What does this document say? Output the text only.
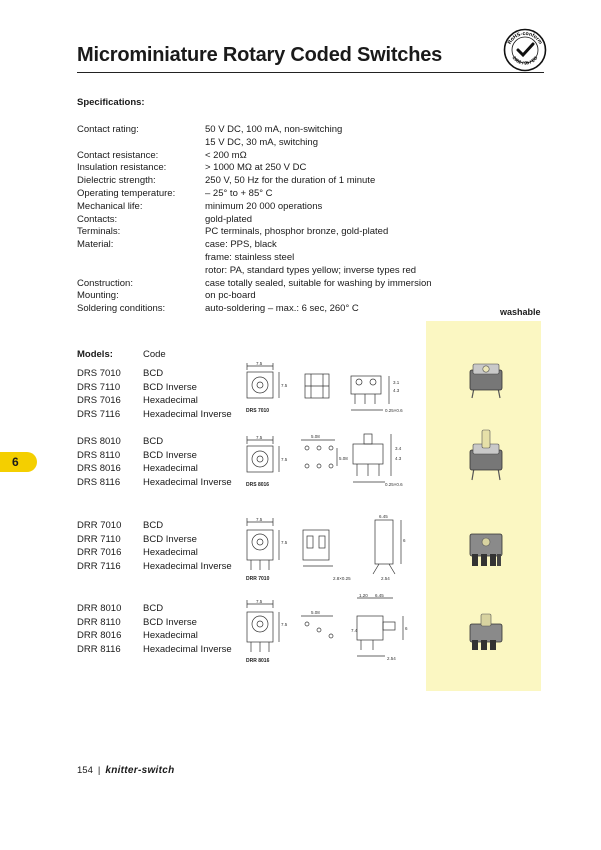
Microminiature Rotary Coded Switches
RoHS-conform
2002 / 95 / EG
Specifications:
Contact rating:	50 V DC, 100 mA, non-switching
15 V DC, 30 mA, switching
Contact resistance:	< 200 mΩ
Insulation resistance:	> 1000 MΩ at 250 V DC
Dielectric strength:	250 V, 50 Hz for the duration of 1 minute
Operating temperature:	– 25° to + 85° C
Mechanical life:	minimum 20 000 operations
Contacts:	gold-plated
Terminals:	PC terminals, phosphor bronze, gold-plated
Material:	case: PPS, black
frame: stainless steel
rotor: PA, standard types yellow; inverse types red
Construction:	case totally sealed, suitable for washing by immersion
Mounting:	on pc-board
Soldering conditions:	auto-soldering – max.: 6 sec, 260° C	washable
Models:	Code
DRS 7010	BCD
DRS 7110	BCD Inverse
DRS 7016	Hexadecimal
DRS 7116	Hexadecimal Inverse
DRS 8010	BCD
DRS 8110	BCD Inverse
DRS 8016	Hexadecimal
DRS 8116	Hexadecimal Inverse
DRR 7010	BCD
DRR 7110	BCD Inverse
DRR 7016	Hexadecimal
DRR 7116	Hexadecimal Inverse
DRR 8010	BCD
DRR 8110	BCD Inverse
DRR 8016	Hexadecimal
DRR 8116	Hexadecimal Inverse
7.5
7.5
3.1
4.3
0.25×0.6
DRS 7010
7.5
7.5
5.08
5.08
3.4
4.3
0.25×0.6
DRS 8016
7.5
7.5
2.8×0.25
6.45
6
2.54
DRR 7010
7.5
7.5
5.08
1.20 6.45
6
7.4
2.54
DRR 8016
6
154 | knitter-switch
